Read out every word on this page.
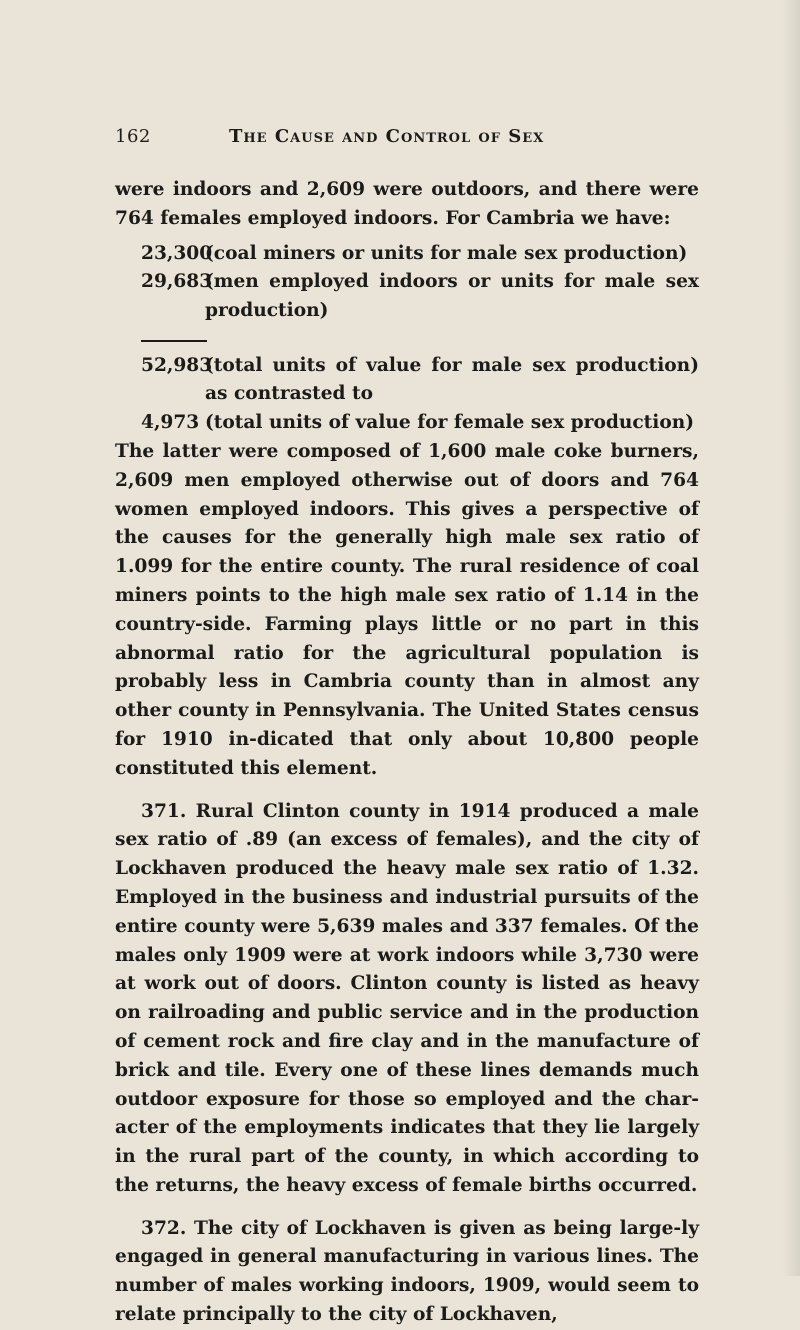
162	The Cause and Control of Sex

were indoors and 2,609 were outdoors, and there were

764 females employed indoors. For Cambria we have:

23,300
(coal miners or units for male sex production)
29,683
(men employed indoors or units for male sex production)
52,983
(total units of value for male sex production) as contrasted to
4,973 (total units of value for female sex production)

The latter were composed of 1,600 male coke burners, 2,609 men employed otherwise out of doors and 764 women employed indoors. This gives a perspective of the causes for the generally high male sex ratio of 1.099 for the entire county. The rural residence of coal miners points to the high male sex ratio of 1.14 in the country-side. Farming plays little or no part in this abnormal ratio for the agricultural population is probably less in Cambria county than in almost any other county in Pennsylvania. The United States census for 1910 in-dicated that only about 10,800 people constituted this element.

371. Rural Clinton county in 1914 produced a male sex ratio of .89 (an excess of females), and the city of Lockhaven produced the heavy male sex ratio of 1.32. Employed in the business and industrial pursuits of the entire county were 5,639 males and 337 females. Of the males only 1909 were at work indoors while 3,730 were at work out of doors. Clinton county is listed as heavy on railroading and public service and in the production of cement rock and fire clay and in the manufacture of brick and tile. Every one of these lines demands much outdoor exposure for those so employed and the char-acter of the employments indicates that they lie largely in the rural part of the county, in which according to the returns, the heavy excess of female births occurred.

372. The city of Lockhaven is given as being large-ly engaged in general manufacturing in various lines. The number of males working indoors, 1909, would seem to relate principally to the city of Lockhaven,
